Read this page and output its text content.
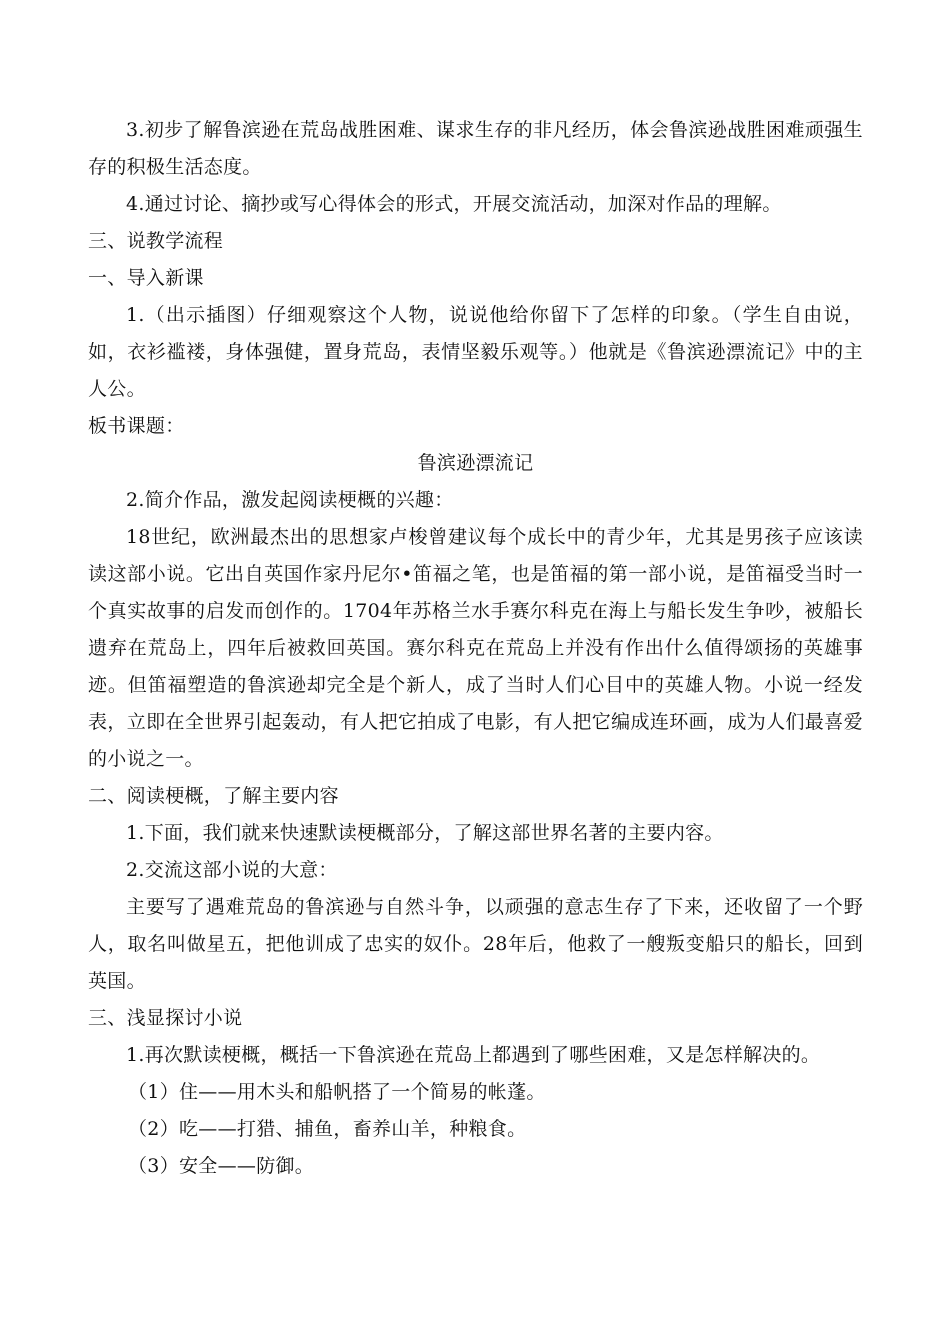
3.初步了解鲁滨逊在荒岛战胜困难、谋求生存的非凡经历，体会鲁滨逊战胜困难顽强生存的积极生活态度。

4.通过讨论、摘抄或写心得体会的形式，开展交流活动，加深对作品的理解。

三、说教学流程

一、导入新课

1.（出示插图）仔细观察这个人物，说说他给你留下了怎样的印象。（学生自由说，如，衣衫褴褛，身体强健，置身荒岛，表情坚毅乐观等。）他就是《鲁滨逊漂流记》中的主人公。

板书课题：

鲁滨逊漂流记

2.简介作品，激发起阅读梗概的兴趣：

18世纪，欧洲最杰出的思想家卢梭曾建议每个成长中的青少年，尤其是男孩子应该读读这部小说。它出自英国作家丹尼尔•笛福之笔，也是笛福的第一部小说，是笛福受当时一个真实故事的启发而创作的。1704年苏格兰水手赛尔科克在海上与船长发生争吵，被船长遗弃在荒岛上，四年后被救回英国。赛尔科克在荒岛上并没有作出什么值得颂扬的英雄事迹。但笛福塑造的鲁滨逊却完全是个新人，成了当时人们心目中的英雄人物。小说一经发表，立即在全世界引起轰动，有人把它拍成了电影，有人把它编成连环画，成为人们最喜爱的小说之一。

二、阅读梗概，了解主要内容

1.下面，我们就来快速默读梗概部分，了解这部世界名著的主要内容。

2.交流这部小说的大意：

主要写了遇难荒岛的鲁滨逊与自然斗争，以顽强的意志生存了下来，还收留了一个野人，取名叫做星五，把他训成了忠实的奴仆。28年后，他救了一艘叛变船只的船长，回到英国。

三、浅显探讨小说

1.再次默读梗概，概括一下鲁滨逊在荒岛上都遇到了哪些困难，又是怎样解决的。

（1）住——用木头和船帆搭了一个简易的帐蓬。

（2）吃——打猎、捕鱼，畜养山羊，种粮食。

（3）安全——防御。
